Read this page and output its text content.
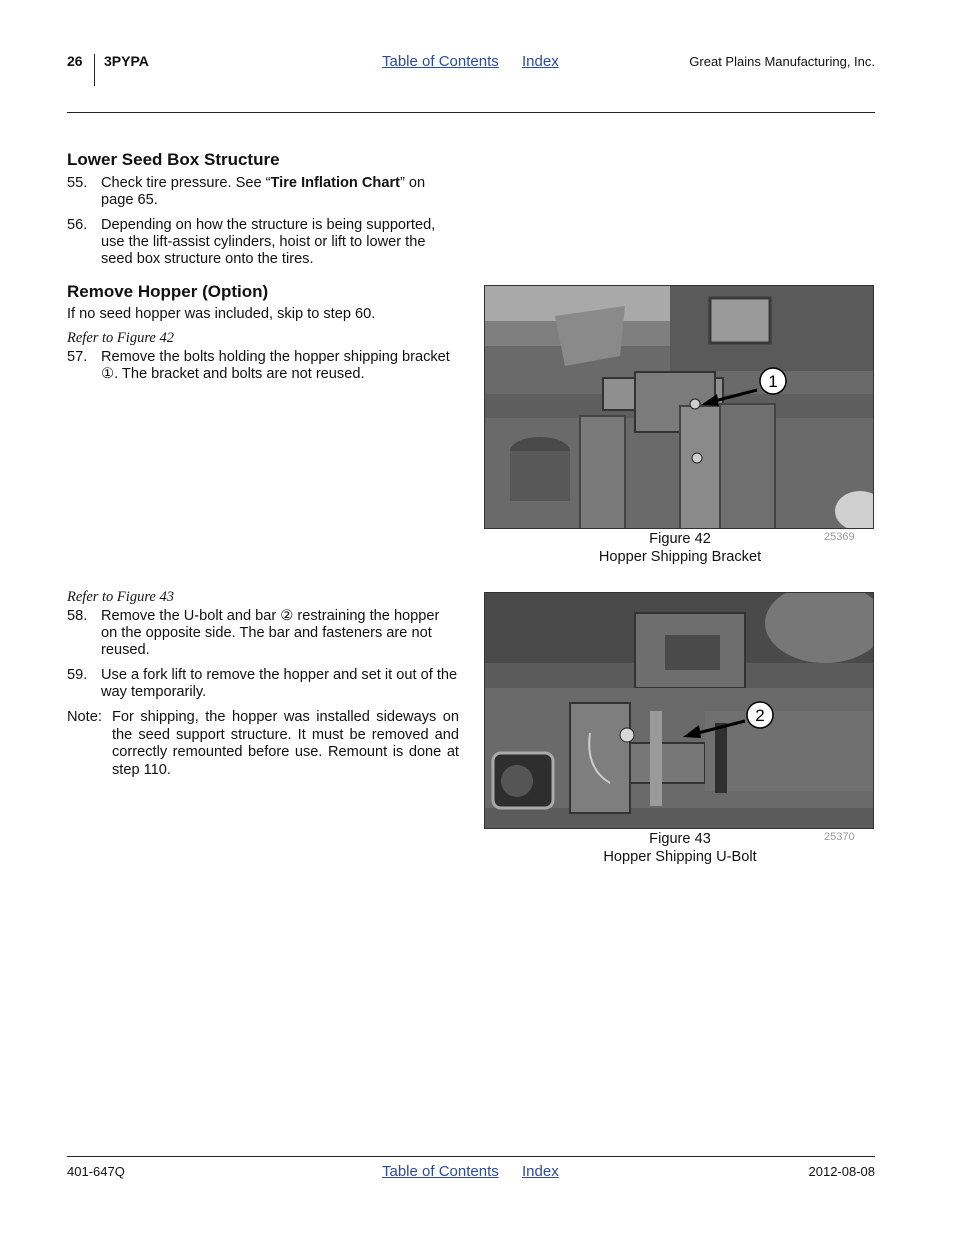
26 3PYPA	Table of Contents Index	Great Plains Manufacturing, Inc.
Lower Seed Box Structure
55. Check tire pressure. See “Tire Inflation Chart” on page 65.
56. Depending on how the structure is being supported, use the lift-assist cylinders, hoist or lift to lower the seed box structure onto the tires.
Remove Hopper (Option)
If no seed hopper was included, skip to step 60.
Refer to Figure 42
57. Remove the bolts holding the hopper shipping bracket ①. The bracket and bolts are not reused.
Refer to Figure 43
58. Remove the U-bolt and bar ② restraining the hopper on the opposite side. The bar and fasteners are not reused.
59. Use a fork lift to remove the hopper and set it out of the way temporarily.
Note: For shipping, the hopper was installed sideways on the seed support structure. It must be removed and correctly remounted before use. Remount is done at step 110.
1
Figure 42
Hopper Shipping Bracket
25369
2
Figure 43
Hopper Shipping U-Bolt
25370
401-647Q	Table of Contents Index	2012-08-08
